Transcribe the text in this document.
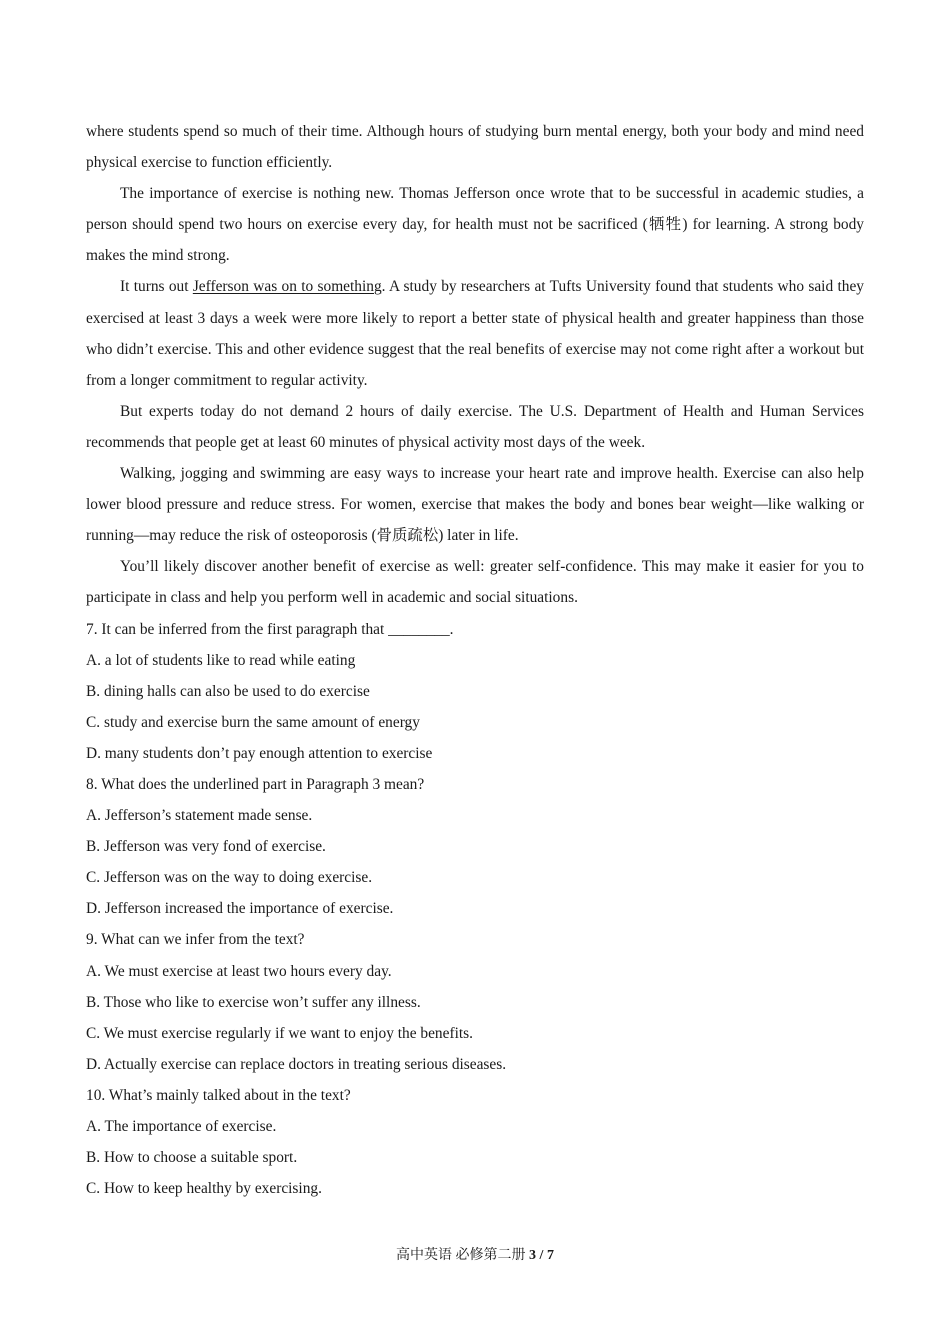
where students spend so much of their time. Although hours of studying burn mental energy, both your body and mind need physical exercise to function efficiently.

The importance of exercise is nothing new. Thomas Jefferson once wrote that to be successful in academic studies, a person should spend two hours on exercise every day, for health must not be sacrificed (牺牲) for learning. A strong body makes the mind strong.

It turns out Jefferson was on to something. A study by researchers at Tufts University found that students who said they exercised at least 3 days a week were more likely to report a better state of physical health and greater happiness than those who didn’t exercise. This and other evidence suggest that the real benefits of exercise may not come right after a workout but from a longer commitment to regular activity.

But experts today do not demand 2 hours of daily exercise. The U.S. Department of Health and Human Services recommends that people get at least 60 minutes of physical activity most days of the week.

Walking, jogging and swimming are easy ways to increase your heart rate and improve health. Exercise can also help lower blood pressure and reduce stress. For women, exercise that makes the body and bones bear weight—like walking or running—may reduce the risk of osteoporosis (骨质疏松) later in life.

You’ll likely discover another benefit of exercise as well: greater self-confidence. This may make it easier for you to participate in class and help you perform well in academic and social situations.

7. It can be inferred from the first paragraph that ________.

A. a lot of students like to read while eating

B. dining halls can also be used to do exercise

C. study and exercise burn the same amount of energy

D. many students don’t pay enough attention to exercise

8. What does the underlined part in Paragraph 3 mean?

A. Jefferson’s statement made sense.

B. Jefferson was very fond of exercise.

C. Jefferson was on the way to doing exercise.

D. Jefferson increased the importance of exercise.

9. What can we infer from the text?

A. We must exercise at least two hours every day.

B. Those who like to exercise won’t suffer any illness.

C. We must exercise regularly if we want to enjoy the benefits.

D. Actually exercise can replace doctors in treating serious diseases.

10. What’s mainly talked about in the text?

A. The importance of exercise.

B. How to choose a suitable sport.

C. How to keep healthy by exercising.

高中英语 必修第二册 3 / 7
